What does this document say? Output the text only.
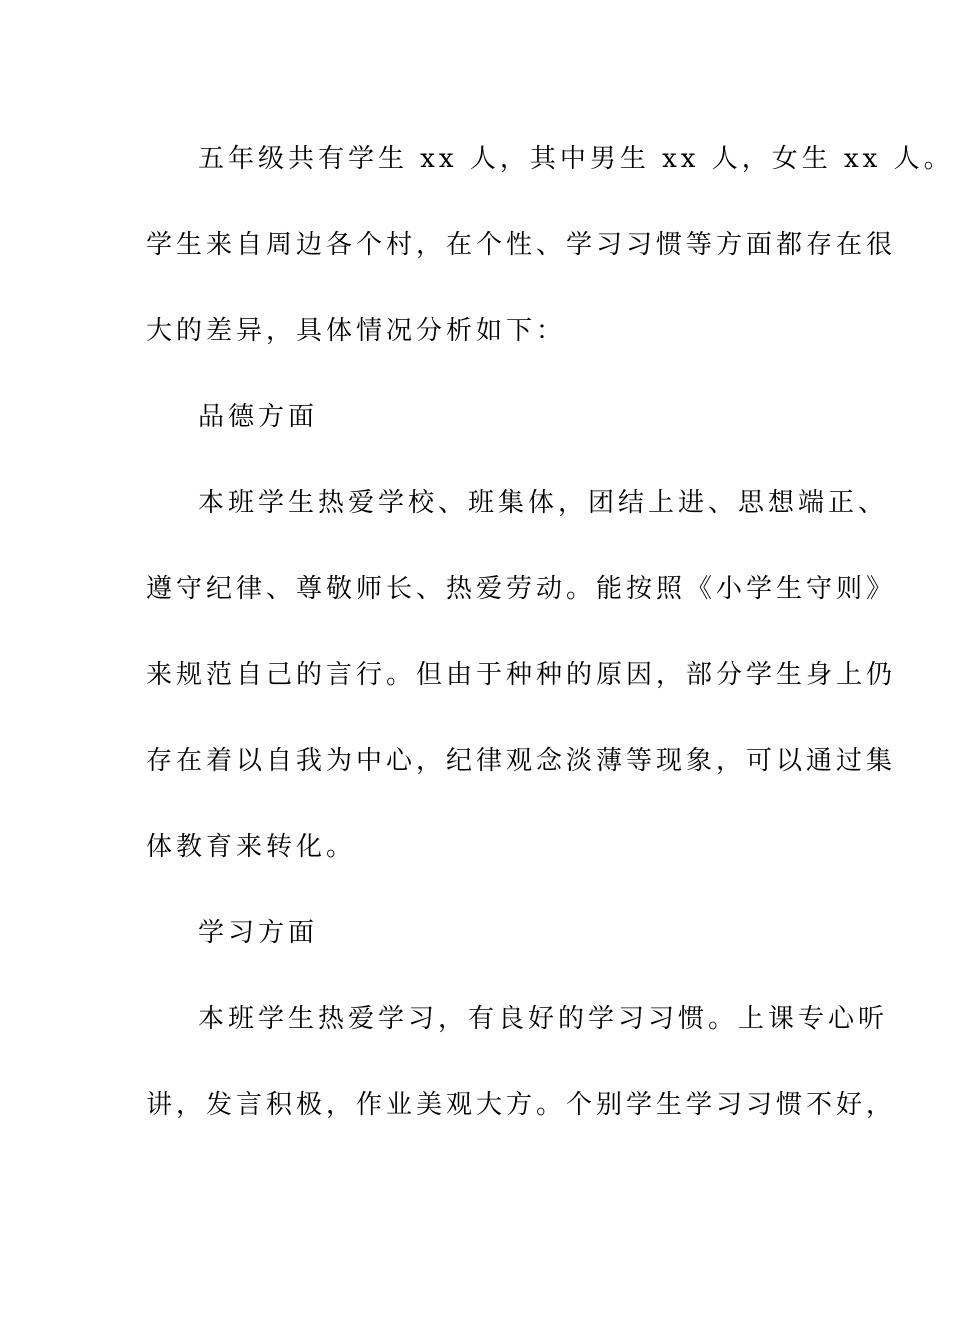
五年级共有学生 xx 人，其中男生 xx 人，女生 xx 人。
学生来自周边各个村，在个性、学习习惯等方面都存在很
大的差异，具体情况分析如下：
品德方面
本班学生热爱学校、班集体，团结上进、思想端正、
遵守纪律、尊敬师长、热爱劳动。能按照《小学生守则》
来规范自己的言行。但由于种种的原因，部分学生身上仍
存在着以自我为中心，纪律观念淡薄等现象，可以通过集
体教育来转化。
学习方面
本班学生热爱学习，有良好的学习习惯。上课专心听
讲，发言积极，作业美观大方。个别学生学习习惯不好，
